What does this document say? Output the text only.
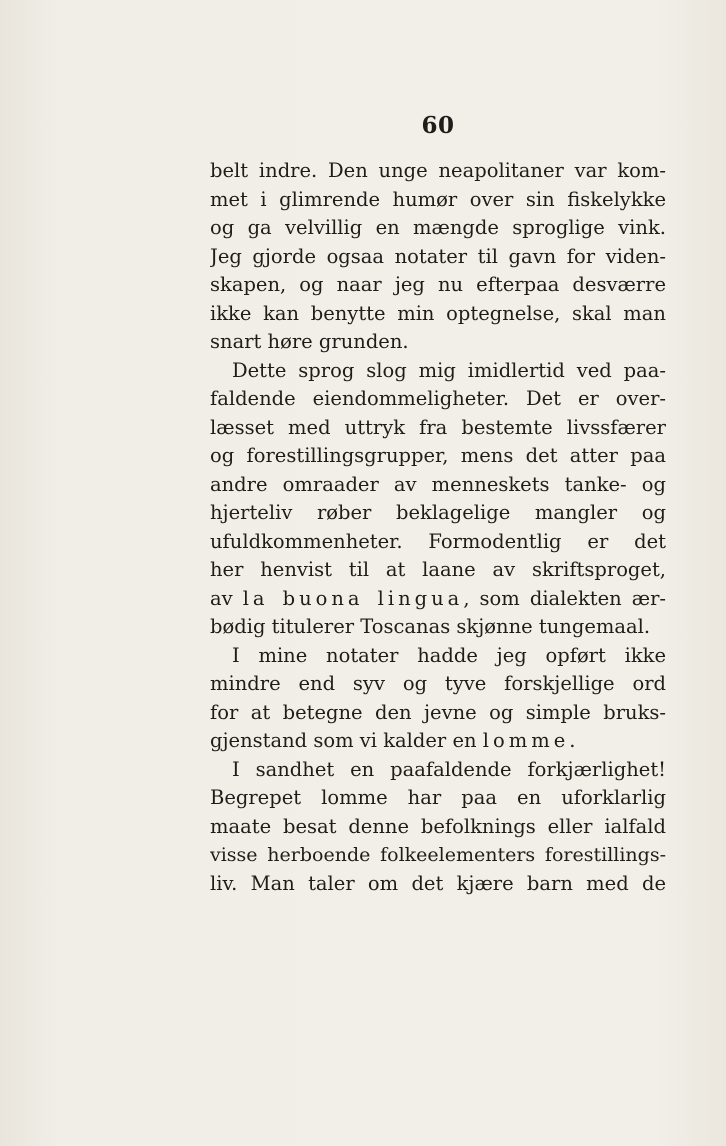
60
belt indre. Den unge neapolitaner var kom-
met i glimrende humør over sin fiskelykke
og ga velvillig en mængde sproglige vink.
Jeg gjorde ogsaa notater til gavn for viden-
skapen, og naar jeg nu efterpaa desværre
ikke kan benytte min optegnelse, skal man
snart høre grunden.
Dette sprog slog mig imidlertid ved paa-
faldende eiendommeligheter. Det er over-
læsset med uttryk fra bestemte livssfærer
og forestillingsgrupper, mens det atter paa
andre omraader av menneskets tanke- og
hjerteliv røber beklagelige mangler og
ufuldkommenheter. Formodentlig er det
her henvist til at laane av skriftsproget,
av la buona lingua, som dialekten ær-
bødig titulerer Toscanas skjønne tungemaal.
I mine notater hadde jeg opført ikke
mindre end syv og tyve forskjellige ord
for at betegne den jevne og simple bruks-
gjenstand som vi kalder en lomme.
I sandhet en paafaldende forkjærlighet!
Begrepet lomme har paa en uforklarlig
maate besat denne befolknings eller ialfald
visse herboende folkeelementers forestillings-
liv. Man taler om det kjære barn med de
